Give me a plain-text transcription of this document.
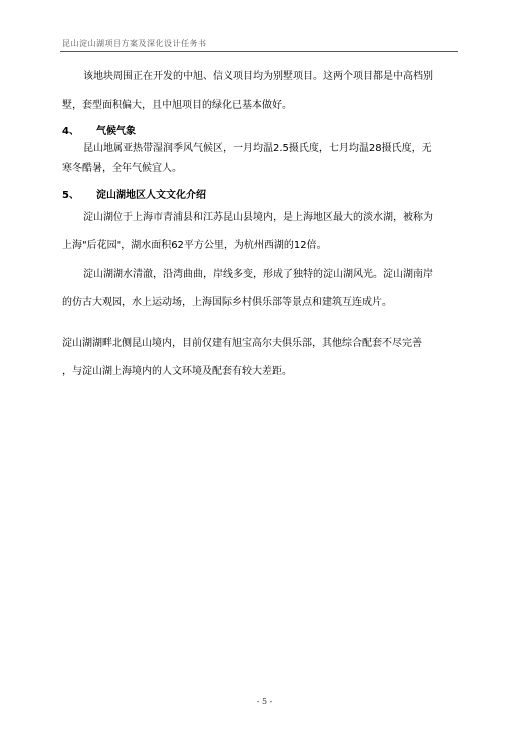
昆山淀山湖项目方案及深化设计任务书
该地块周围正在开发的中旭、信义项目均为别墅项目。这两个项目都是中高档别
墅，套型面积偏大，且中旭项目的绿化已基本做好。
4、 气候气象
昆山地属亚热带湿润季风气候区，一月均温2.5摄氏度，七月均温28摄氏度，无
寒冬酷暑，全年气候宜人。
5、 淀山湖地区人文文化介绍
淀山湖位于上海市青浦县和江苏昆山县境内，是上海地区最大的淡水湖，被称为
上海"后花园"，湖水面积62平方公里，为杭州西湖的12倍。
淀山湖湖水清澈，沿湾曲曲，岸线多变，形成了独特的淀山湖风光。淀山湖南岸
的仿古大观园，水上运动场，上海国际乡村俱乐部等景点和建筑互连成片。
淀山湖湖畔北侧昆山境内，目前仅建有旭宝高尔夫俱乐部，其他综合配套不尽完善
，与淀山湖上海境内的人文环境及配套有较大差距。
- 5 -
